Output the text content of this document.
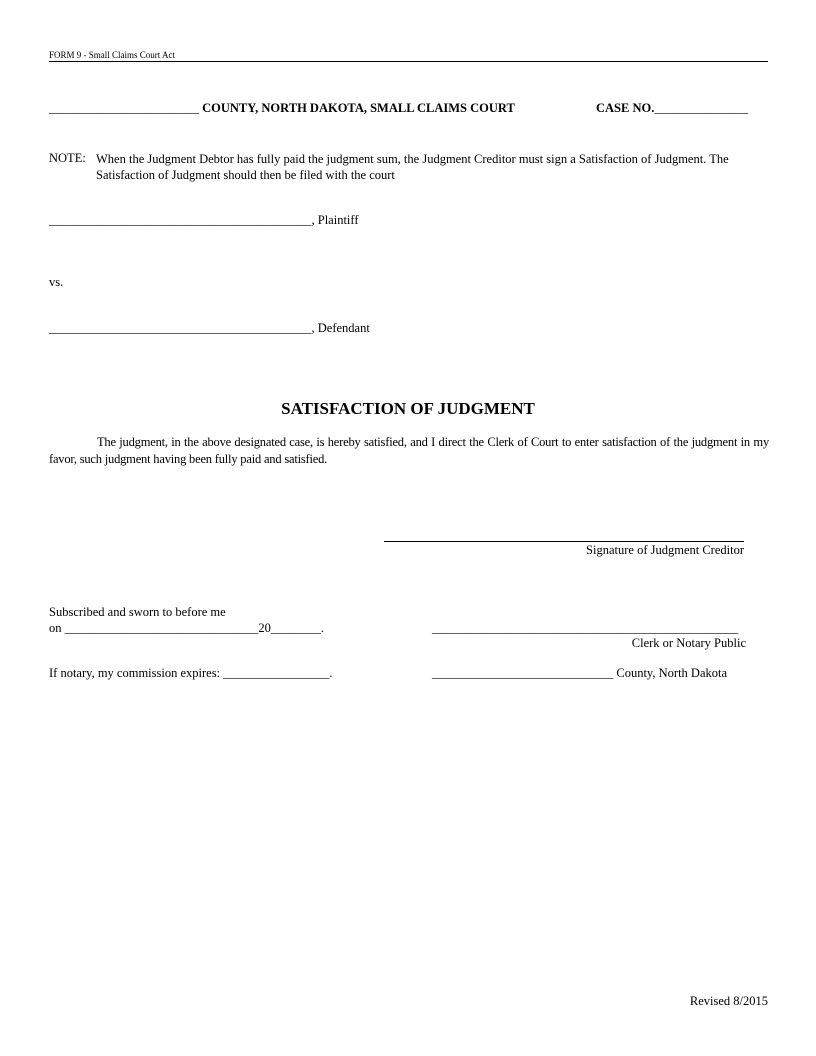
FORM 9 - Small Claims Court Act
________________________ COUNTY, NORTH DAKOTA, SMALL CLAIMS COURT	CASE NO._______________
NOTE: When the Judgment Debtor has fully paid the judgment sum, the Judgment Creditor must sign a Satisfaction of Judgment. The Satisfaction of Judgment should then be filed with the court
__________________________________________, Plaintiff
vs.
__________________________________________, Defendant
SATISFACTION OF JUDGMENT
The judgment, in the above designated case, is hereby satisfied, and I direct the Clerk of Court to enter satisfaction of the judgment in my favor, such judgment having been fully paid and satisfied.
Signature of Judgment Creditor
Subscribed and sworn to before me
on _______________________________20________.	_________________________________________________
Clerk or Notary Public
If notary, my commission expires: _________________.	_____________________________ County, North Dakota
Revised 8/2015
